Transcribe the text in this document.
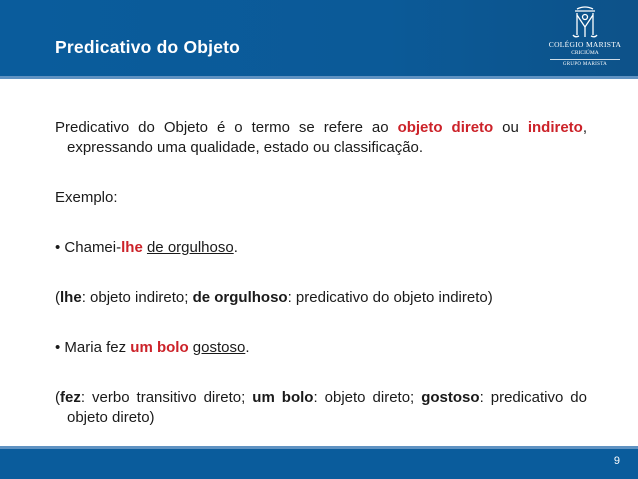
Predicativo do Objeto	COLÉGIO MARISTA
CRICIÚMA
GRUPO MARISTA

Predicativo do Objeto é o termo se refere ao objeto direto ou indireto, expressando uma qualidade, estado ou classificação.

Exemplo:

• Chamei-lhe de orgulhoso.

(lhe: objeto indireto; de orgulhoso: predicativo do objeto indireto)

• Maria fez um bolo gostoso.

(fez: verbo transitivo direto; um bolo: objeto direto; gostoso: predicativo do objeto direto)

9
